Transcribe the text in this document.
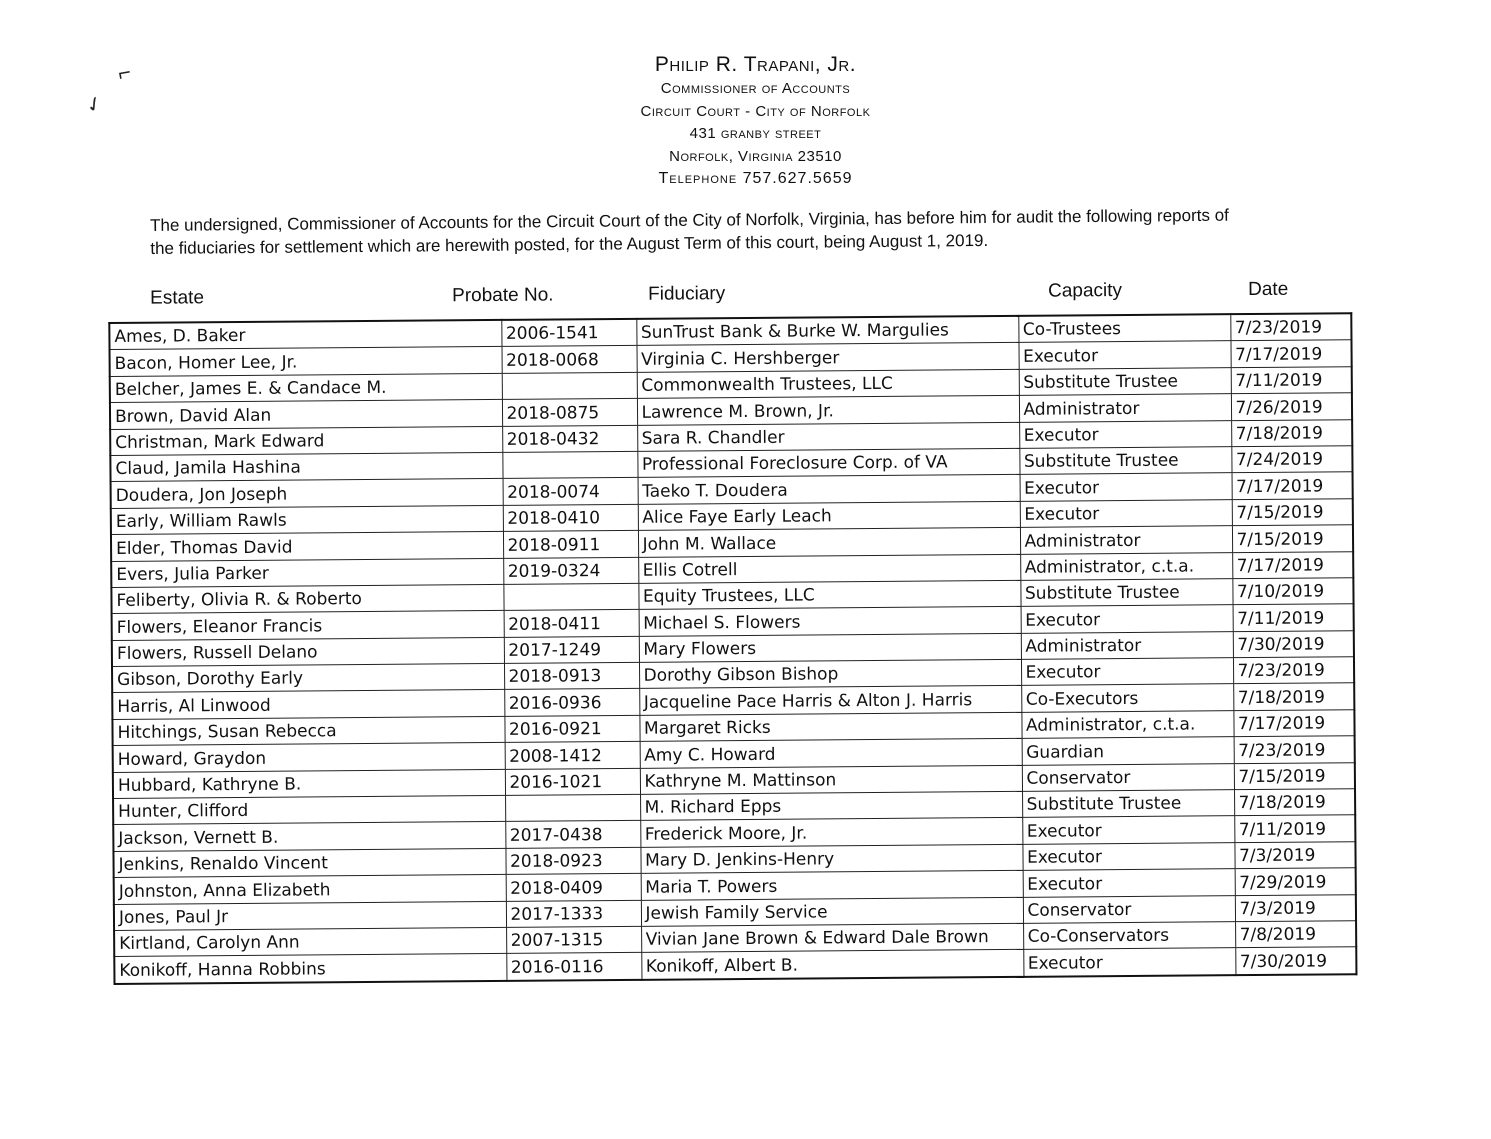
⌐
✓
Philip R. Trapani, Jr.
Commissioner of Accounts
Circuit Court - City of Norfolk
431 granby street
Norfolk, Virginia 23510
Telephone 757.627.5659
The undersigned, Commissioner of Accounts for the Circuit Court of the City of Norfolk, Virginia, has before him for audit the following reports of
the fiduciaries for settlement which are herewith posted, for the August Term of this court, being August 1, 2019.
Estate	Probate No.	Fiduciary	Capacity	Date
Ames, D. Baker	2006-1541	SunTrust Bank & Burke W. Margulies	Co-Trustees	7/23/2019
Bacon, Homer Lee, Jr.	2018-0068	Virginia C. Hershberger	Executor	7/17/2019
Belcher, James E. & Candace M.		Commonwealth Trustees, LLC	Substitute Trustee	7/11/2019
Brown, David Alan	2018-0875	Lawrence M. Brown, Jr.	Administrator	7/26/2019
Christman, Mark Edward	2018-0432	Sara R. Chandler	Executor	7/18/2019
Claud, Jamila Hashina		Professional Foreclosure Corp. of VA	Substitute Trustee	7/24/2019
Doudera, Jon Joseph	2018-0074	Taeko T. Doudera	Executor	7/17/2019
Early, William Rawls	2018-0410	Alice Faye Early Leach	Executor	7/15/2019
Elder, Thomas David	2018-0911	John M. Wallace	Administrator	7/15/2019
Evers, Julia Parker	2019-0324	Ellis Cotrell	Administrator, c.t.a.	7/17/2019
Feliberty, Olivia R. & Roberto		Equity Trustees, LLC	Substitute Trustee	7/10/2019
Flowers, Eleanor Francis	2018-0411	Michael S. Flowers	Executor	7/11/2019
Flowers, Russell Delano	2017-1249	Mary Flowers	Administrator	7/30/2019
Gibson, Dorothy Early	2018-0913	Dorothy Gibson Bishop	Executor	7/23/2019
Harris, Al Linwood	2016-0936	Jacqueline Pace Harris & Alton J. Harris	Co-Executors	7/18/2019
Hitchings, Susan Rebecca	2016-0921	Margaret Ricks	Administrator, c.t.a.	7/17/2019
Howard, Graydon	2008-1412	Amy C. Howard	Guardian	7/23/2019
Hubbard, Kathryne B.	2016-1021	Kathryne M. Mattinson	Conservator	7/15/2019
Hunter, Clifford		M. Richard Epps	Substitute Trustee	7/18/2019
Jackson, Vernett B.	2017-0438	Frederick Moore, Jr.	Executor	7/11/2019
Jenkins, Renaldo Vincent	2018-0923	Mary D. Jenkins-Henry	Executor	7/3/2019
Johnston, Anna Elizabeth	2018-0409	Maria T. Powers	Executor	7/29/2019
Jones, Paul Jr	2017-1333	Jewish Family Service	Conservator	7/3/2019
Kirtland, Carolyn Ann	2007-1315	Vivian Jane Brown & Edward Dale Brown	Co-Conservators	7/8/2019
Konikoff, Hanna Robbins	2016-0116	Konikoff, Albert B.	Executor	7/30/2019
